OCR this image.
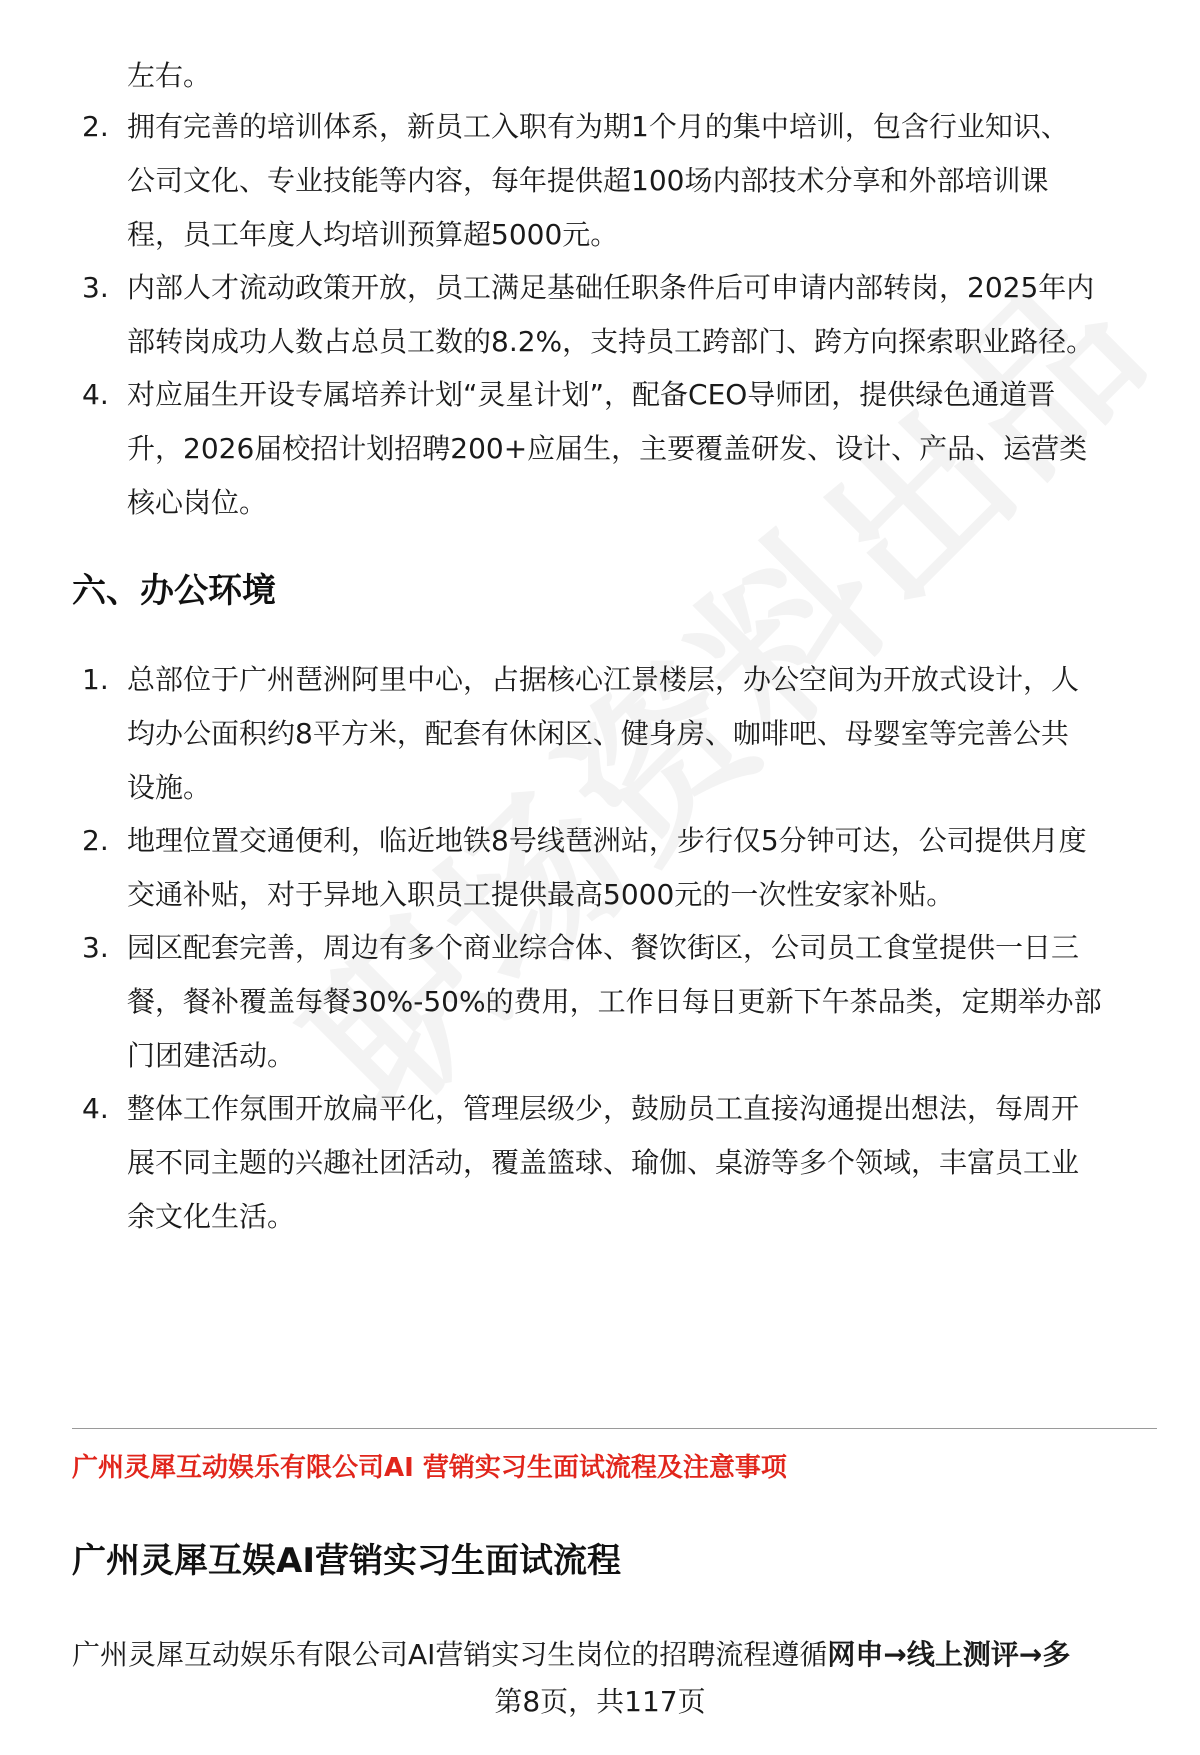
左右。
2. 拥有完善的培训体系，新员工入职有为期1个月的集中培训，包含行业知识、
公司文化、专业技能等内容，每年提供超100场内部技术分享和外部培训课
程，员工年度人均培训预算超5000元。
3. 内部人才流动政策开放，员工满足基础任职条件后可申请内部转岗，2025年内
部转岗成功人数占总员工数的8.2%，支持员工跨部门、跨方向探索职业路径。
4. 对应届生开设专属培养计划“灵星计划”，配备CEO导师团，提供绿色通道晋
升，2026届校招计划招聘200+应届生，主要覆盖研发、设计、产品、运营类
核心岗位。
六、办公环境
1. 总部位于广州琶洲阿里中心，占据核心江景楼层，办公空间为开放式设计，人
均办公面积约8平方米，配套有休闲区、健身房、咖啡吧、母婴室等完善公共
设施。
2. 地理位置交通便利，临近地铁8号线琶洲站，步行仅5分钟可达，公司提供月度
交通补贴，对于异地入职员工提供最高5000元的一次性安家补贴。
3. 园区配套完善，周边有多个商业综合体、餐饮街区，公司员工食堂提供一日三
餐，餐补覆盖每餐30%-50%的费用，工作日每日更新下午茶品类，定期举办部
门团建活动。
4. 整体工作氛围开放扁平化，管理层级少，鼓励员工直接沟通提出想法，每周开
展不同主题的兴趣社团活动，覆盖篮球、瑜伽、桌游等多个领域，丰富员工业
余文化生活。
广州灵犀互动娱乐有限公司AI 营销实习生面试流程及注意事项
广州灵犀互娱AI营销实习生面试流程
广州灵犀互动娱乐有限公司AI营销实习生岗位的招聘流程遵循网申→线上测评→多
第8页，共117页
